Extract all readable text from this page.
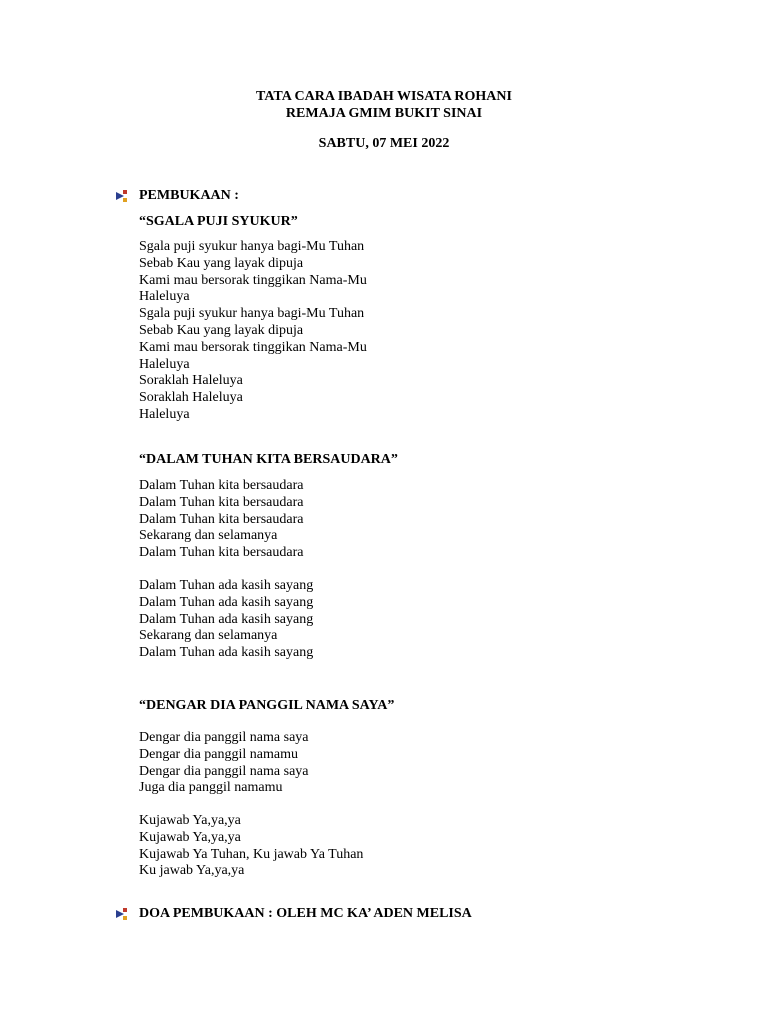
TATA CARA IBADAH WISATA ROHANI
REMAJA GMIM BUKIT SINAI
SABTU, 07 MEI 2022
PEMBUKAAN :
“SGALA PUJI SYUKUR”
Sgala puji syukur hanya bagi-Mu Tuhan
Sebab Kau yang layak dipuja
Kami mau bersorak tinggikan Nama-Mu
Haleluya
Sgala puji syukur hanya bagi-Mu Tuhan
Sebab Kau yang layak dipuja
Kami mau bersorak tinggikan Nama-Mu
Haleluya
Soraklah Haleluya
Soraklah Haleluya
Haleluya
“DALAM TUHAN KITA BERSAUDARA”
Dalam Tuhan kita bersaudara
Dalam Tuhan kita bersaudara
Dalam Tuhan kita bersaudara
Sekarang dan selamanya
Dalam Tuhan kita bersaudara
Dalam Tuhan ada kasih sayang
Dalam Tuhan ada kasih sayang
Dalam Tuhan ada kasih sayang
Sekarang dan selamanya
Dalam Tuhan ada kasih sayang
“DENGAR DIA PANGGIL NAMA SAYA”
Dengar dia panggil nama saya
Dengar dia panggil namamu
Dengar dia panggil nama saya
Juga dia panggil namamu
Kujawab Ya,ya,ya
Kujawab Ya,ya,ya
Kujawab Ya Tuhan, Ku jawab Ya Tuhan
Ku jawab Ya,ya,ya
DOA PEMBUKAAN : OLEH MC KA’ ADEN MELISA
